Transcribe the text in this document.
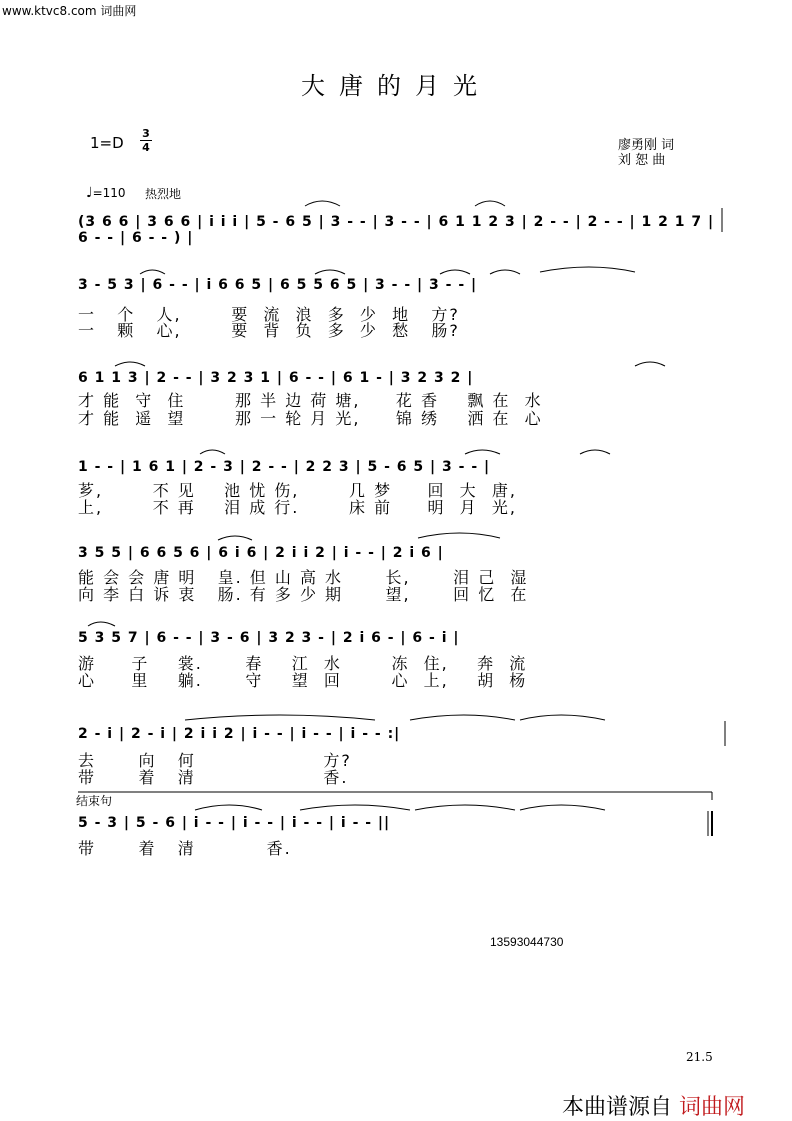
www.ktvc8.com 词曲网
大唐的月光
1=D
3
4	廖勇刚 词
刘 恕 曲
♩=110 热烈地
(3 6 6 | 3 6 6 | i i i | 5 - 6 5 | 3 - - | 3 - - | 6 1 1 2 3 | 2 - - | 2 - - | 1 2 1 7 | 6 - - | 6 - - ) |
3 - 5 3 | 6 - - | i 6 6 5 | 6 5 5 6 5 | 3 - - | 3 - - |
一   个   人,       要  流  浪  多  少  地   方?
一   颗   心,       要  背  负  多  少  愁   肠?
6 1 1 3 | 2 - - | 3 2 3 1 | 6 - - | 6 1 - | 3 2 3 2 |
才 能  守  住       那 半 边 荷 塘,     花 香    飘 在  水
才 能  遥  望       那 一 轮 月 光,     锦 绣    洒 在  心
1 - - | 1 6 1 | 2 - 3 | 2 - - | 2 2 3 | 5 - 6 5 | 3 - - |
芗,       不 见    池 忧 伤,       几 梦     回  大  唐,
上,       不 再    泪 成 行.       床 前     明  月  光,
3 5 5 | 6 6 5 6 | 6 i 6 | 2 i i 2 | i - - | 2 i 6 |
能 会 会 唐 明   皇. 但 山 高 水      长,      泪 己  湿
向 李 白 诉 衷   肠. 有 多 少 期      望,      回 忆  在
5 3 5 7 | 6 - - | 3 - 6 | 3 2 3 - | 2 i 6 - | 6 - i |
游     子    裳.      春    江  水       冻  住,    奔  流
心     里    躺.      守    望  回       心  上,    胡  杨
2 - i | 2 - i | 2 i i 2 | i - - | i - - | i - - :|
去      向   何                  方?
带      着   清                  香.
结束句
5 - 3 | 5 - 6 | i - - | i - - | i - - | i - - ||
带      着   清          香.
13593044730
21.5
本曲谱源自 词曲网
